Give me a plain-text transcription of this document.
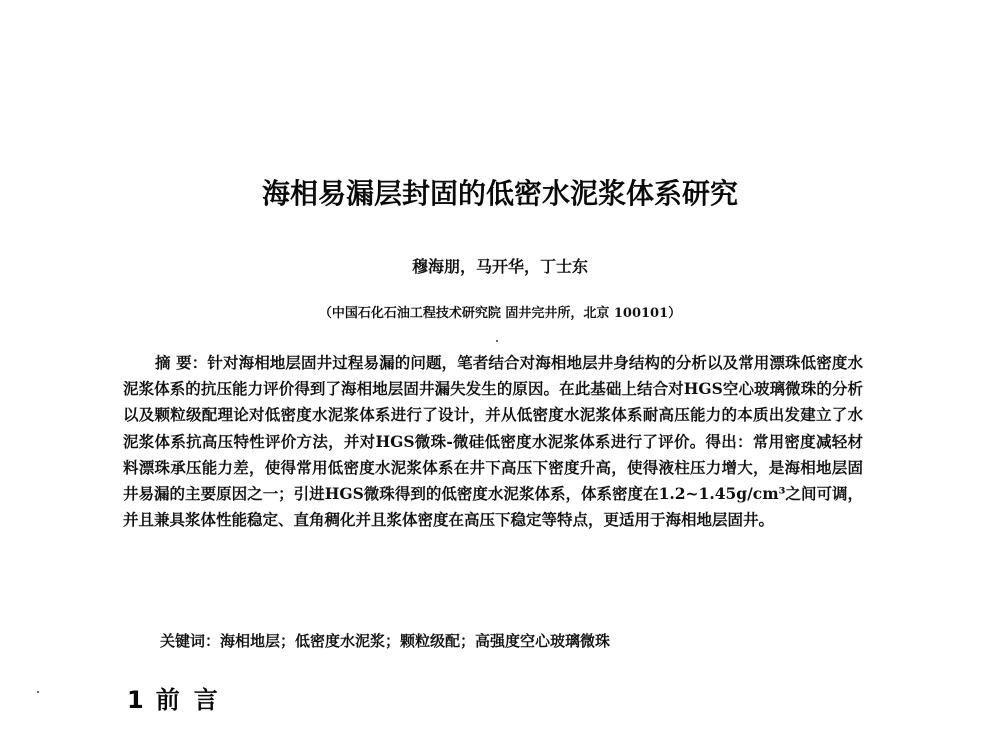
海相易漏层封固的低密水泥浆体系研究
穆海朋，马开华，丁士东
（中国石化石油工程技术研究院 固井完井所，北京 100101）
摘 要：针对海相地层固井过程易漏的问题，笔者结合对海相地层井身结构的分析以及常用漂珠低密度水泥浆体系的抗压能力评价得到了海相地层固井漏失发生的原因。在此基础上结合对HGS空心玻璃微珠的分析以及颗粒级配理论对低密度水泥浆体系进行了设计，并从低密度水泥浆体系耐高压能力的本质出发建立了水泥浆体系抗高压特性评价方法，并对HGS微珠-微硅低密度水泥浆体系进行了评价。得出：常用密度减轻材料漂珠承压能力差，使得常用低密度水泥浆体系在井下高压下密度升高，使得液柱压力增大，是海相地层固井易漏的主要原因之一；引进HGS微珠得到的低密度水泥浆体系，体系密度在1.2~1.45g/cm³之间可调，并且兼具浆体性能稳定、直角稠化并且浆体密度在高压下稳定等特点，更适用于海相地层固井。
关键词：海相地层；低密度水泥浆；颗粒级配；高强度空心玻璃微珠
1 前 言
